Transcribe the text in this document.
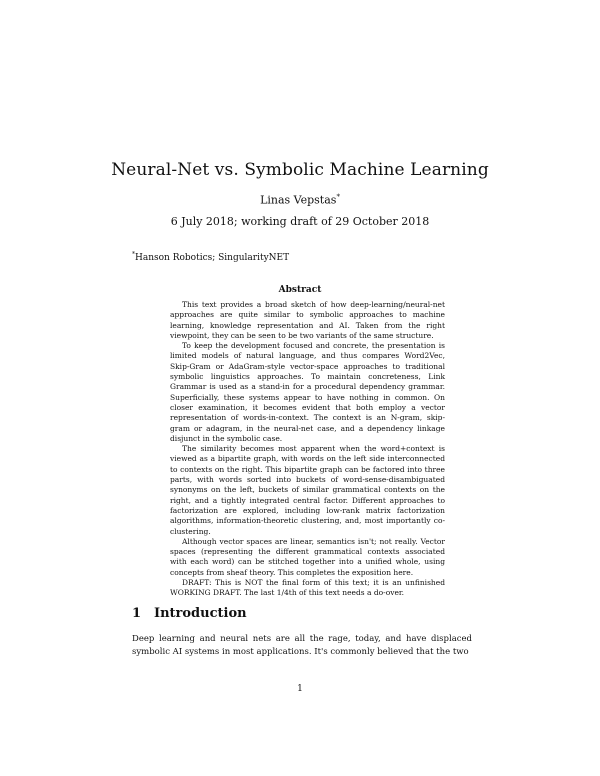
Neural-Net vs. Symbolic Machine Learning
Linas Vepstas*
6 July 2018; working draft of 29 October 2018
*Hanson Robotics; SingularityNET
Abstract

This text provides a broad sketch of how deep-learning/neural-net approaches are quite similar to symbolic approaches to machine learning, knowledge representation and AI. Taken from the right viewpoint, they can be seen to be two variants of the same structure.

To keep the development focused and concrete, the presentation is limited models of natural language, and thus compares Word2Vec, Skip-Gram or AdaGram-style vector-space approaches to traditional symbolic linguistics approaches. To maintain concreteness, Link Grammar is used as a stand-in for a procedural dependency grammar. Superficially, these systems appear to have nothing in common. On closer examination, it becomes evident that both employ a vector representation of words-in-context. The context is an N-gram, skip-gram or adagram, in the neural-net case, and a dependency linkage disjunct in the symbolic case.

The similarity becomes most apparent when the word+context is viewed as a bipartite graph, with words on the left side interconnected to contexts on the right. This bipartite graph can be factored into three parts, with words sorted into buckets of word-sense-disambiguated synonyms on the left, buckets of similar grammatical contexts on the right, and a tightly integrated central factor. Different approaches to factorization are explored, including low-rank matrix factorization algorithms, information-theoretic clustering, and, most importantly co-clustering.

Although vector spaces are linear, semantics isn't; not really. Vector spaces (representing the different grammatical contexts associated with each word) can be stitched together into a unified whole, using concepts from sheaf theory. This completes the exposition here.

DRAFT: This is NOT the final form of this text; it is an unfinished WORKING DRAFT. The last 1/4th of this text needs a do-over.

1 Introduction

Deep learning and neural nets are all the rage, today, and have displaced symbolic AI systems in most applications. It's commonly believed that the two

1
